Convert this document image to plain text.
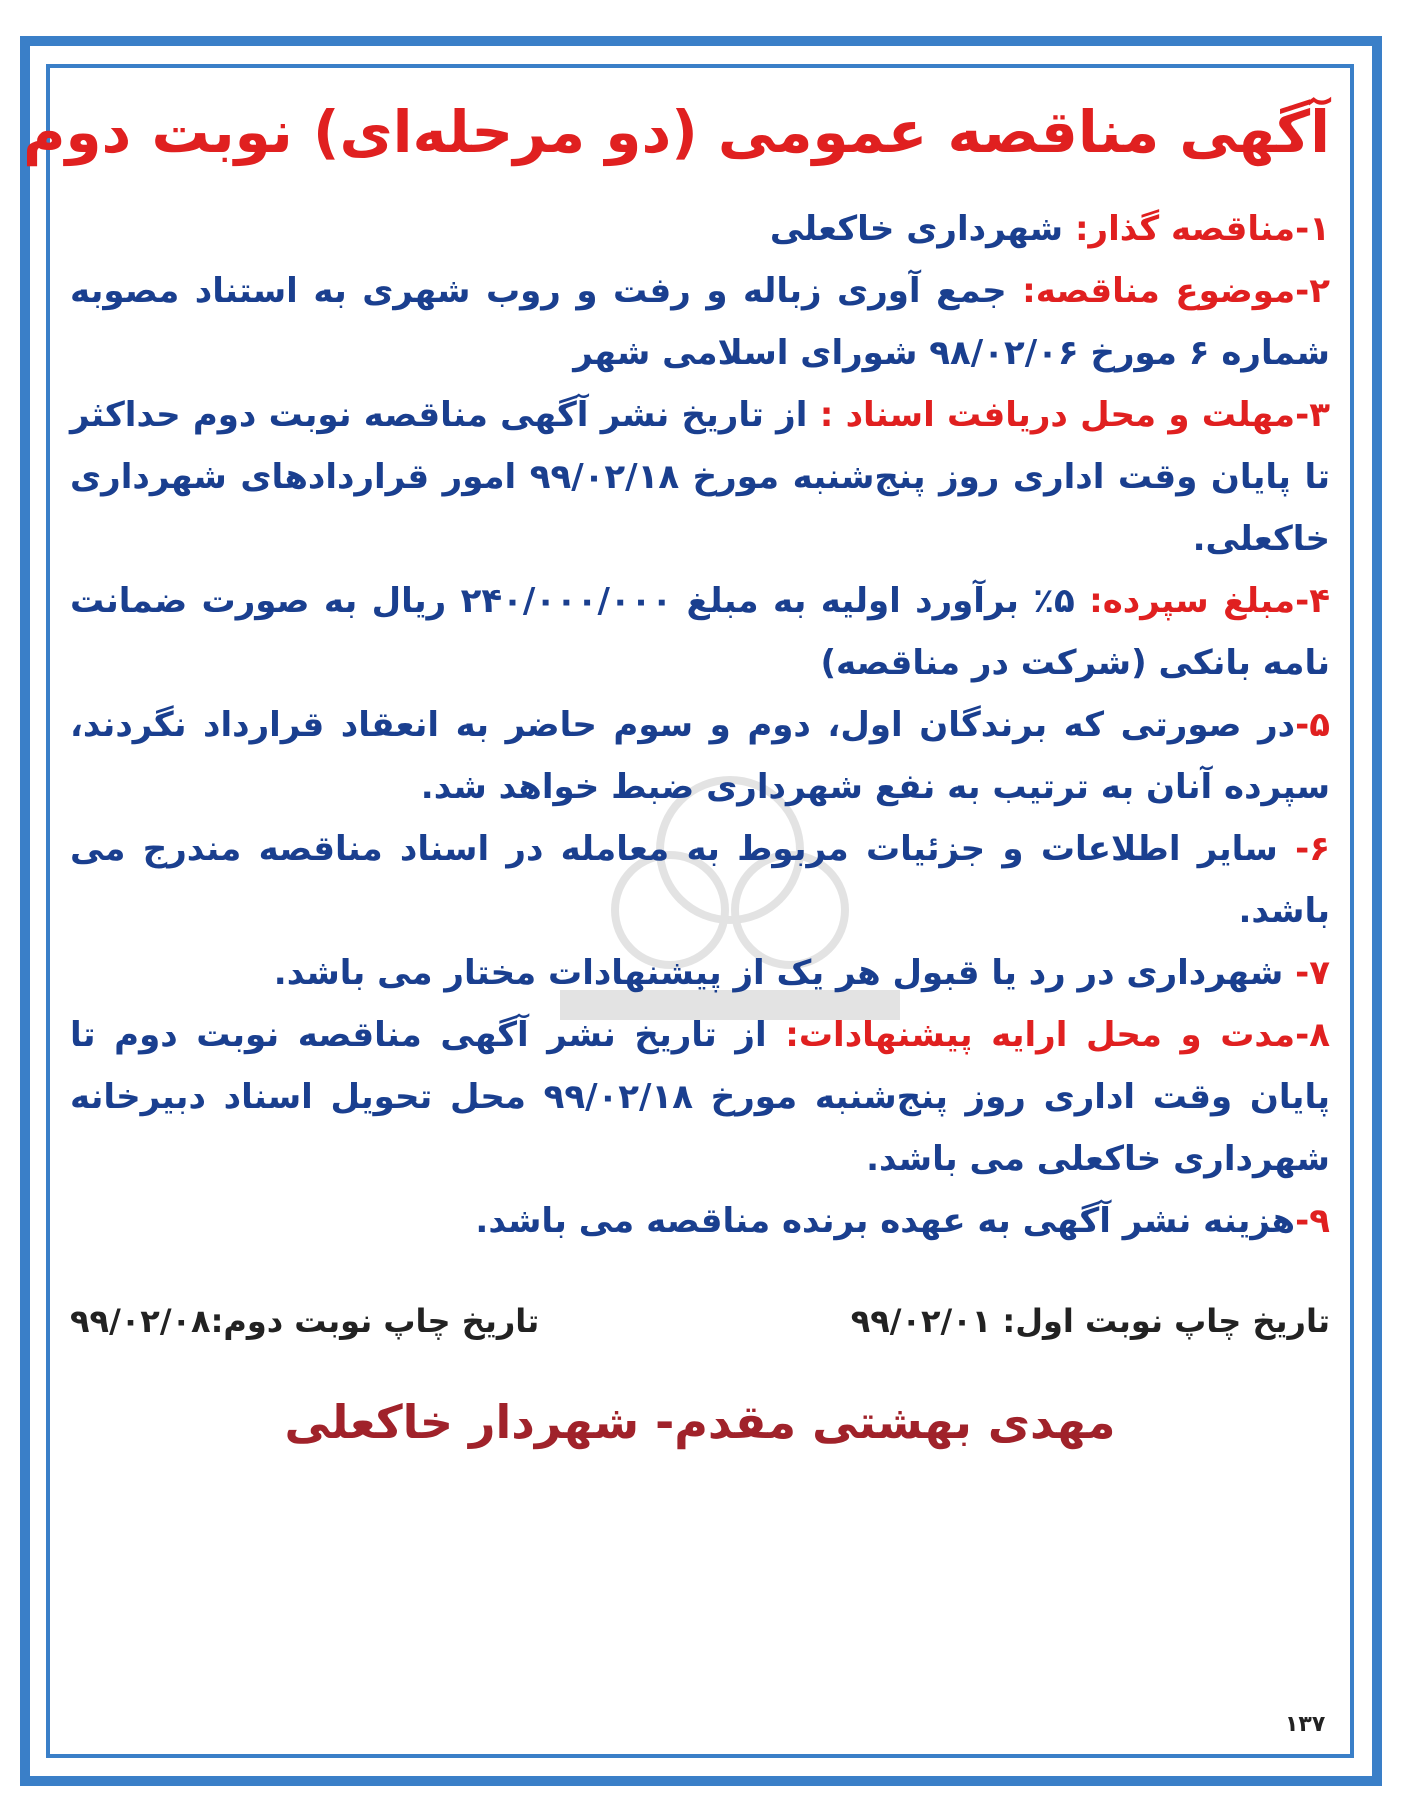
آگهی مناقصه عمومی (دو مرحله‌ای) نوبت دوم

۱-مناقصه گذار: شهرداری خاکعلی

۲-موضوع مناقصه: جمع آوری زباله و رفت و روب شهری به استناد مصوبه شماره ۶ مورخ ۹۸/۰۲/۰۶ شورای اسلامی شهر

۳-مهلت و محل دریافت اسناد : از تاریخ نشر آگهی مناقصه نوبت دوم حداکثر تا پایان وقت اداری روز پنج‌شنبه مورخ ۹۹/۰۲/۱۸ امور قراردادهای شهرداری خاکعلی.

۴-مبلغ سپرده: ۵٪ برآورد اولیه به مبلغ ۲۴۰/۰۰۰/۰۰۰ ریال به صورت ضمانت نامه بانکی (شرکت در مناقصه)

۵-در صورتی که برندگان اول، دوم و سوم حاضر به انعقاد قرارداد نگردند، سپرده آنان به ترتیب به نفع شهرداری ضبط خواهد شد.

۶- سایر اطلاعات و جزئیات مربوط به معامله در اسناد مناقصه مندرج می باشد.

۷- شهرداری در رد یا قبول هر یک از پیشنهادات مختار می باشد.

۸-مدت و محل ارایه پیشنهادات: از تاریخ نشر آگهی مناقصه نوبت دوم تا پایان وقت اداری روز پنج‌شنبه مورخ ۹۹/۰۲/۱۸ محل تحویل اسناد دبیرخانه شهرداری خاکعلی می باشد.

۹-هزینه نشر آگهی به عهده برنده مناقصه می باشد.

تاریخ چاپ نوبت اول: ۹۹/۰۲/۰۱
تاریخ چاپ نوبت دوم:۹۹/۰۲/۰۸
مهدی بهشتی مقدم- شهردار خاکعلی
۱۳۷
